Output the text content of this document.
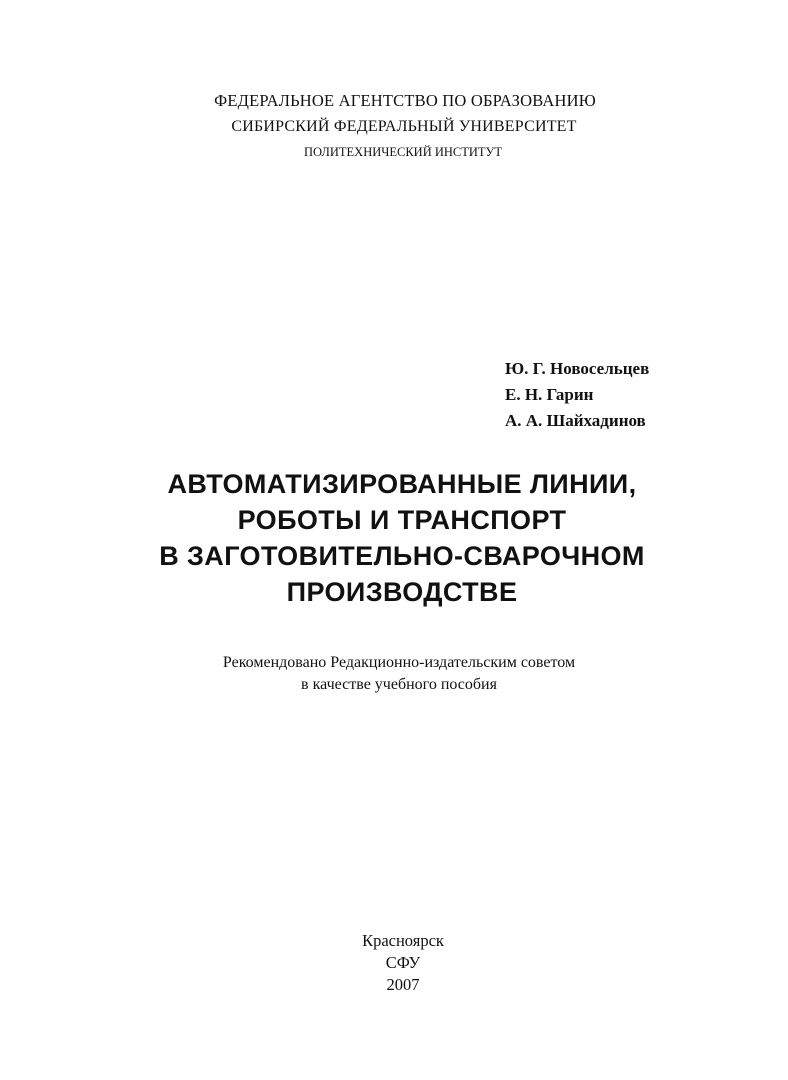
ФЕДЕРАЛЬНОЕ АГЕНТСТВО ПО ОБРАЗОВАНИЮ
СИБИРСКИЙ ФЕДЕРАЛЬНЫЙ УНИВЕРСИТЕТ
ПОЛИТЕХНИЧЕСКИЙ ИНСТИТУТ
Ю. Г. Новосельцев
Е. Н. Гарин
А. А. Шайхадинов
АВТОМАТИЗИРОВАННЫЕ ЛИНИИ,
РОБОТЫ И ТРАНСПОРТ
В ЗАГОТОВИТЕЛЬНО-СВАРОЧНОМ
ПРОИЗВОДСТВЕ
Рекомендовано Редакционно-издательским советом
в качестве учебного пособия
Красноярск
СФУ
2007
